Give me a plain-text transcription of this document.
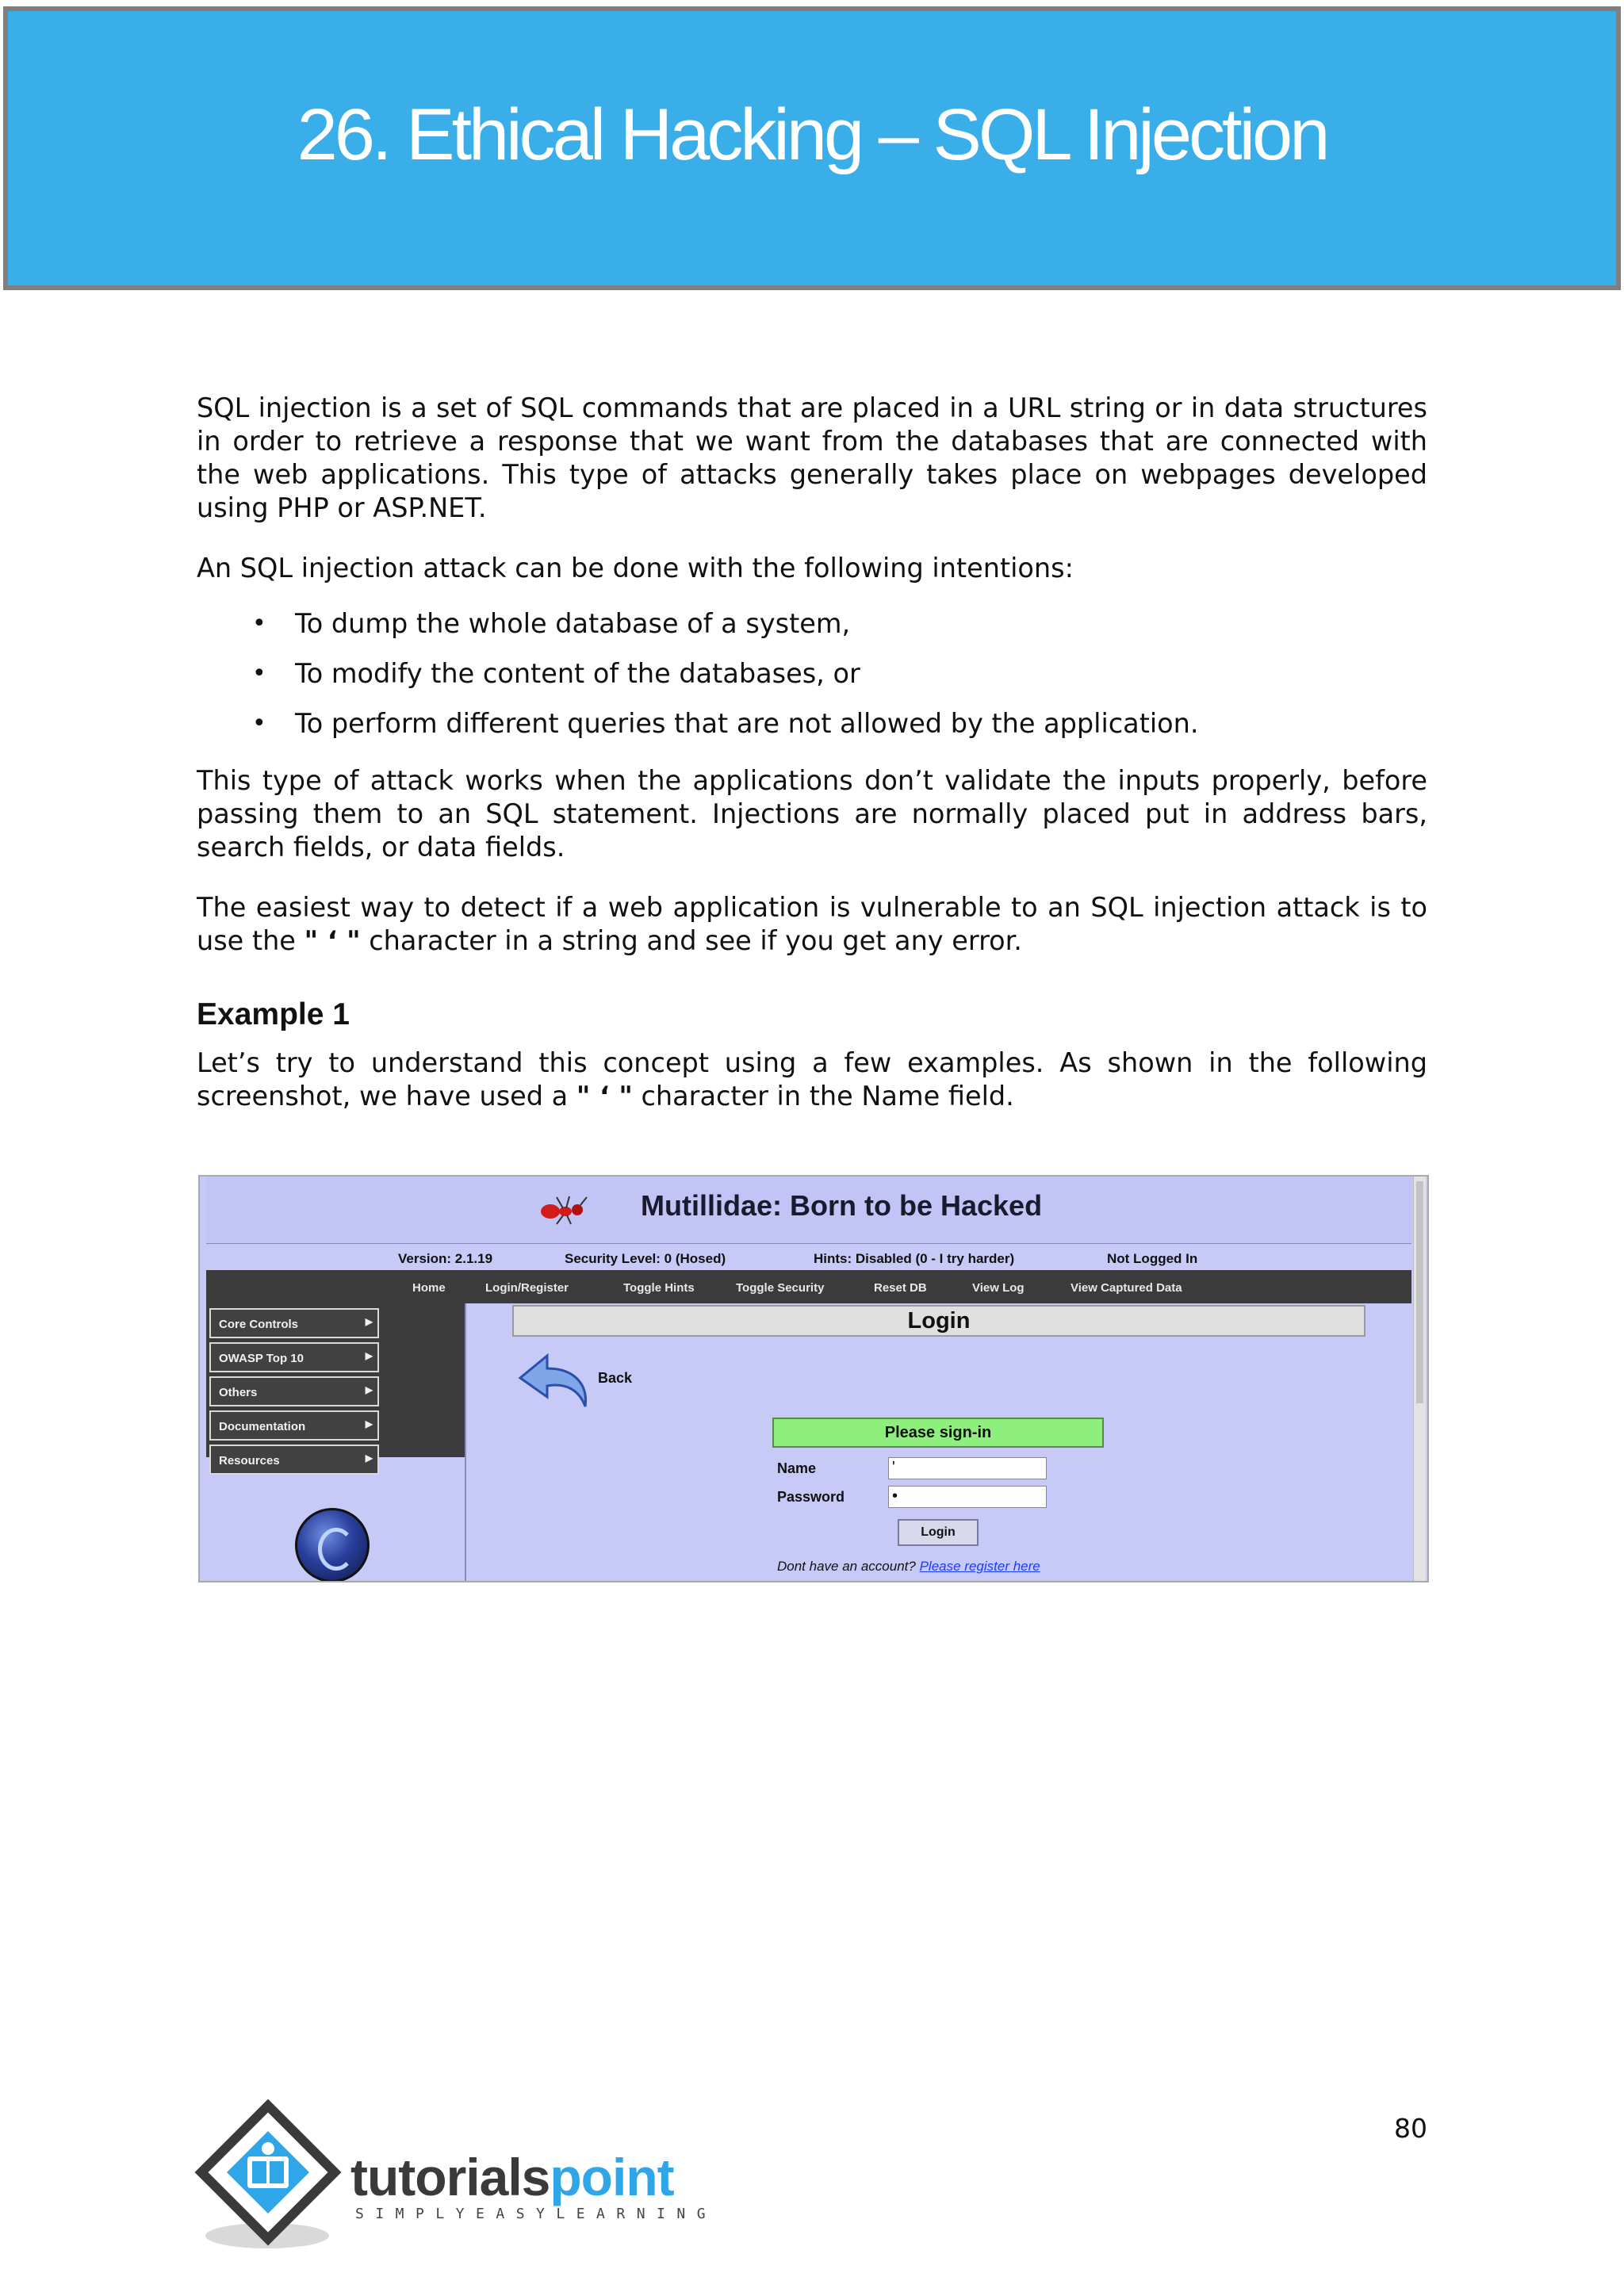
26. Ethical Hacking – SQL Injection

SQL injection is a set of SQL commands that are placed in a URL string or in data structures in order to retrieve a response that we want from the databases that are connected with the web applications. This type of attacks generally takes place on webpages developed using PHP or ASP.NET.

An SQL injection attack can be done with the following intentions:

• To dump the whole database of a system,
• To modify the content of the databases, or
• To perform different queries that are not allowed by the application.

This type of attack works when the applications don’t validate the inputs properly, before passing them to an SQL statement. Injections are normally placed put in address bars, search fields, or data fields.

The easiest way to detect if a web application is vulnerable to an SQL injection attack is to use the " ‘ " character in a string and see if you get any error.

Example 1

Let’s try to understand this concept using a few examples. As shown in the following screenshot, we have used a " ‘ " character in the Name field.

Mutillidae: Born to be Hacked
Version: 2.1.19	Security Level: 0 (Hosed)	Hints: Disabled (0 - I try harder)	Not Logged In
Home	Login/Register	Toggle Hints	Toggle Security	Reset DB	View Log	View Captured Data
Core Controls	▶
OWASP Top 10	▶
Others	▶
Documentation	▶
Resources	▶
Login
Back
Please sign-in
Name	'
Password	•
Login
Dont have an account? Please register here
80
tutorialspoint
SIMPLYEASYLEARNING
